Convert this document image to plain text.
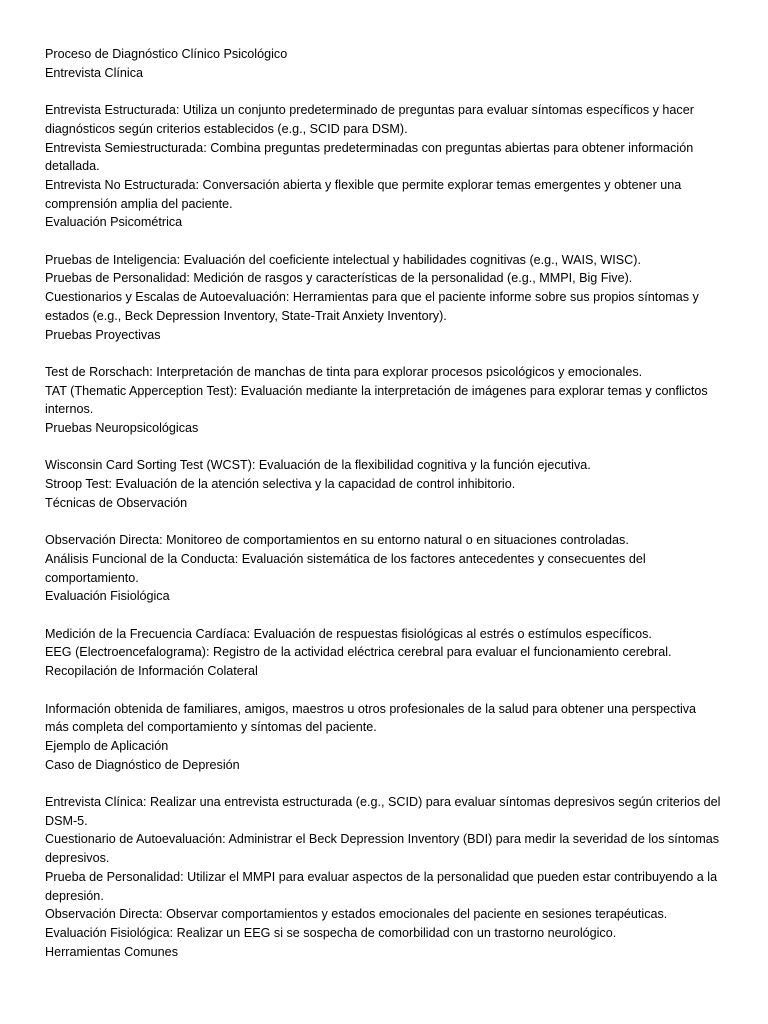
Proceso de Diagnóstico Clínico Psicológico
Entrevista Clínica
Entrevista Estructurada: Utiliza un conjunto predeterminado de preguntas para evaluar síntomas específicos y hacer
diagnósticos según criterios establecidos (e.g., SCID para DSM).
Entrevista Semiestructurada: Combina preguntas predeterminadas con preguntas abiertas para obtener información
detallada.
Entrevista No Estructurada: Conversación abierta y flexible que permite explorar temas emergentes y obtener una
comprensión amplia del paciente.
Evaluación Psicométrica
Pruebas de Inteligencia: Evaluación del coeficiente intelectual y habilidades cognitivas (e.g., WAIS, WISC).
Pruebas de Personalidad: Medición de rasgos y características de la personalidad (e.g., MMPI, Big Five).
Cuestionarios y Escalas de Autoevaluación: Herramientas para que el paciente informe sobre sus propios síntomas y
estados (e.g., Beck Depression Inventory, State-Trait Anxiety Inventory).
Pruebas Proyectivas
Test de Rorschach: Interpretación de manchas de tinta para explorar procesos psicológicos y emocionales.
TAT (Thematic Apperception Test): Evaluación mediante la interpretación de imágenes para explorar temas y conflictos
internos.
Pruebas Neuropsicológicas
Wisconsin Card Sorting Test (WCST): Evaluación de la flexibilidad cognitiva y la función ejecutiva.
Stroop Test: Evaluación de la atención selectiva y la capacidad de control inhibitorio.
Técnicas de Observación
Observación Directa: Monitoreo de comportamientos en su entorno natural o en situaciones controladas.
Análisis Funcional de la Conducta: Evaluación sistemática de los factores antecedentes y consecuentes del
comportamiento.
Evaluación Fisiológica
Medición de la Frecuencia Cardíaca: Evaluación de respuestas fisiológicas al estrés o estímulos específicos.
EEG (Electroencefalograma): Registro de la actividad eléctrica cerebral para evaluar el funcionamiento cerebral.
Recopilación de Información Colateral
Información obtenida de familiares, amigos, maestros u otros profesionales de la salud para obtener una perspectiva
más completa del comportamiento y síntomas del paciente.
Ejemplo de Aplicación
Caso de Diagnóstico de Depresión
Entrevista Clínica: Realizar una entrevista estructurada (e.g., SCID) para evaluar síntomas depresivos según criterios del
DSM-5.
Cuestionario de Autoevaluación: Administrar el Beck Depression Inventory (BDI) para medir la severidad de los síntomas
depresivos.
Prueba de Personalidad: Utilizar el MMPI para evaluar aspectos de la personalidad que pueden estar contribuyendo a la
depresión.
Observación Directa: Observar comportamientos y estados emocionales del paciente en sesiones terapéuticas.
Evaluación Fisiológica: Realizar un EEG si se sospecha de comorbilidad con un trastorno neurológico.
Herramientas Comunes
